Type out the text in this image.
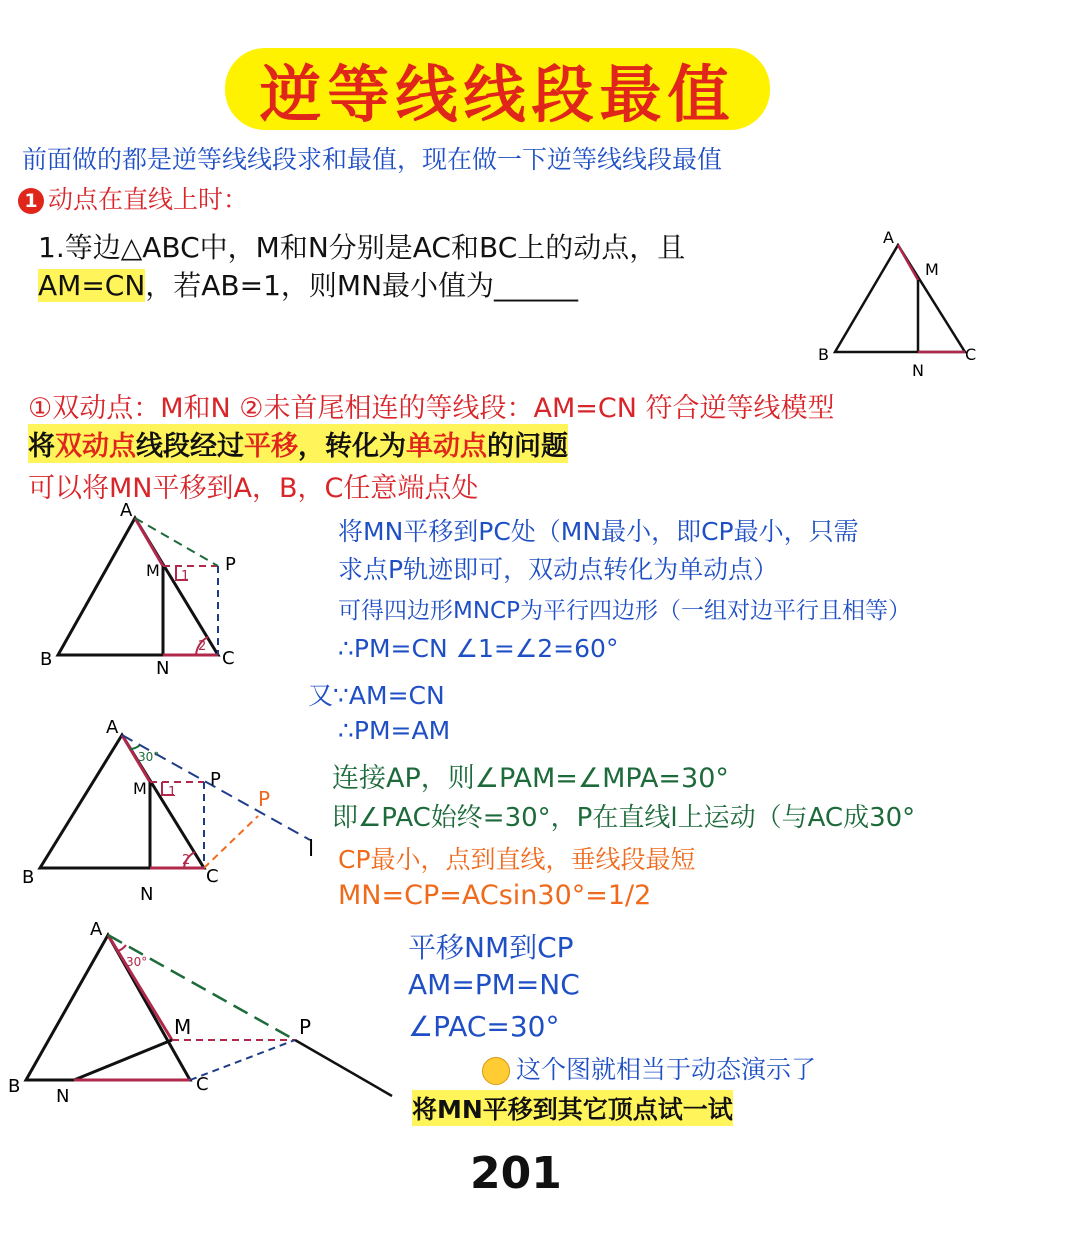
逆等线线段最值
前面做的都是逆等线线段求和最值，现在做一下逆等线线段最值
1 动点在直线上时：
1.等边△ABC中，M和N分别是AC和BC上的动点，且
AM=CN，若AB=1，则MN最小值为______
①双动点：M和N ②未首尾相连的等线段：AM=CN 符合逆等线模型
将双动点线段经过平移，转化为单动点的问题
可以将MN平移到A，B，C任意端点处
将MN平移到PC处（MN最小，即CP最小，只需
求点P轨迹即可，双动点转化为单动点）
可得四边形MNCP为平行四边形（一组对边平行且相等）
∴PM=CN ∠1=∠2=60°
又∵AM=CN
∴PM=AM
连接AP，则∠PAM=∠MPA=30°
即∠PAC始终=30°，P在直线l上运动（与AC成30°
CP最小，点到直线，垂线段最短
MN=CP=ACsin30°=1/2
平移NM到CP
AM=PM=NC
∠PAC=30°
这个图就相当于动态演示了
将MN平移到其它顶点试一试
201
A
M
B
N
C
1
2
A
M	P
B	N	C
30°
1
2
A
M	P
P
l
B
N
C
30°
A
M	P
B N
C
